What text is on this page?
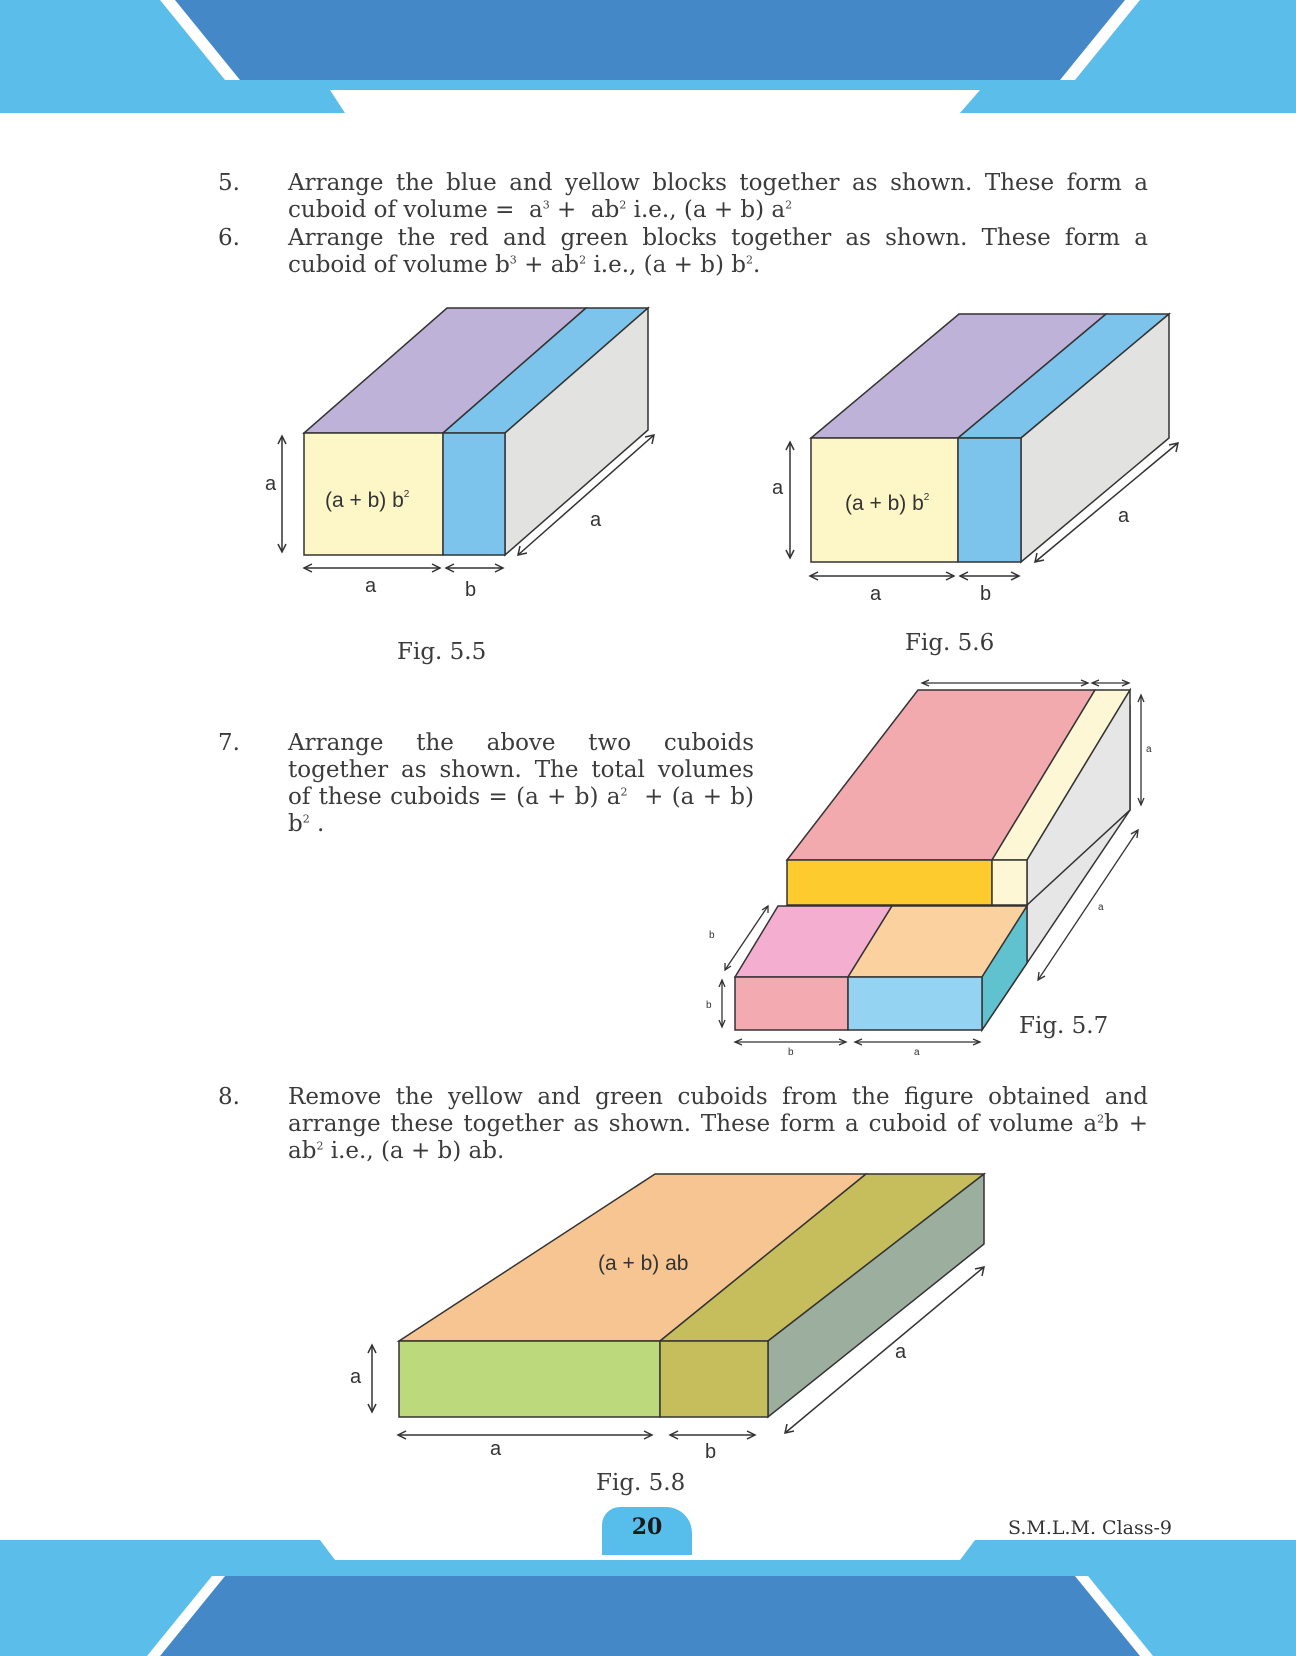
5. Arrange the blue and yellow blocks together as shown. These form a cuboid of volume =  $a^3 + ab^2$ i.e., (a + b) $a^2$
6. Arrange the red and green blocks together as shown. These form a cuboid of volume $b^3 + ab^2$ i.e., (a + b) $b^2$.
(a + b) $b^2$
a
a	b
a
Fig. 5.5
(a + b) $b^2$
a
a	b
a
Fig. 5.6
7. Arrange the above two cuboids together as shown. The total volumes of these cuboids = (a + b) $a^2 + (a + b)$ $b^2$ .
a
a
b
b
b	a
Fig. 5.7
8. Remove the yellow and green cuboids from the figure obtained and arrange these together as shown. These form a cuboid of volume $a^2b + ab^2$ i.e., (a + b) ab.
(a + b) ab
a
a	b
a
Fig. 5.8
20	S.M.L.M. Class-9
